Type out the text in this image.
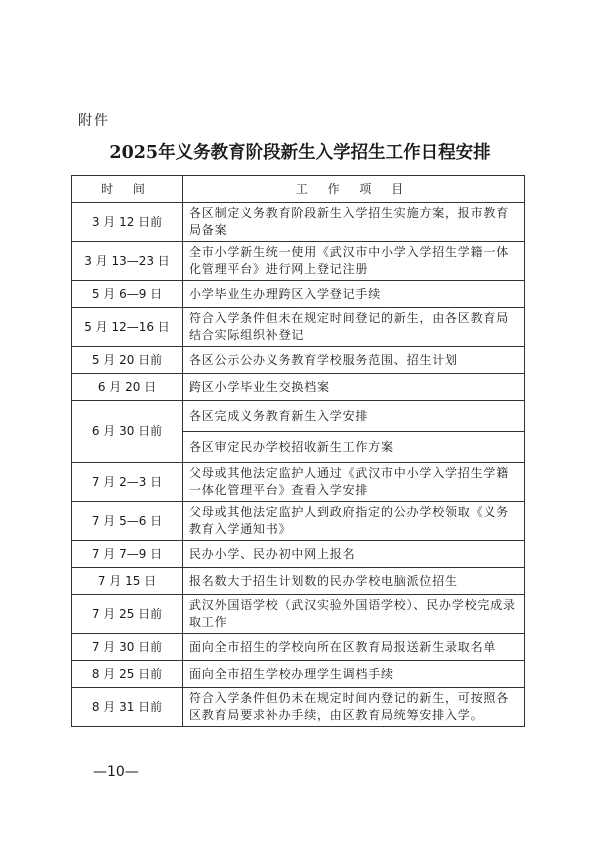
附件
2025年义务教育阶段新生入学招生工作日程安排
时 间	工 作 项 目
3 月 12 日前	各区制定义务教育阶段新生入学招生实施方案，报市教育局备案
3 月 13—23 日	全市小学新生统一使用《武汉市中小学入学招生学籍一体化管理平台》进行网上登记注册
5 月 6—9 日	小学毕业生办理跨区入学登记手续
5 月 12—16 日	符合入学条件但未在规定时间登记的新生，由各区教育局结合实际组织补登记
5 月 20 日前	各区公示公办义务教育学校服务范围、招生计划
6 月 20 日	跨区小学毕业生交换档案
6 月 30 日前	各区完成义务教育新生入学安排
	各区审定民办学校招收新生工作方案
7 月 2—3 日	父母或其他法定监护人通过《武汉市中小学入学招生学籍一体化管理平台》查看入学安排
7 月 5—6 日	父母或其他法定监护人到政府指定的公办学校领取《义务教育入学通知书》
7 月 7—9 日	民办小学、民办初中网上报名
7 月 15 日	报名数大于招生计划数的民办学校电脑派位招生
7 月 25 日前	武汉外国语学校（武汉实验外国语学校）、民办学校完成录取工作
7 月 30 日前	面向全市招生的学校向所在区教育局报送新生录取名单
8 月 25 日前	面向全市招生学校办理学生调档手续
8 月 31 日前	符合入学条件但仍未在规定时间内登记的新生，可按照各区教育局要求补办手续，由区教育局统筹安排入学。
—10—
